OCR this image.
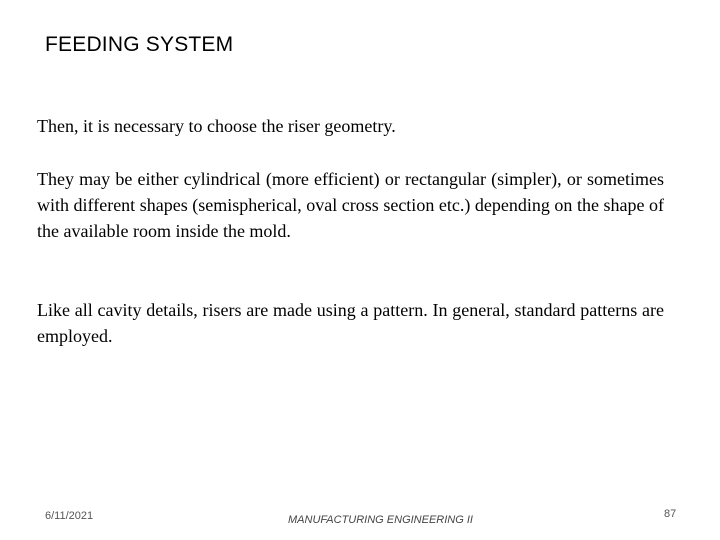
FEEDING SYSTEM

Then, it is necessary to choose the riser geometry.

They may be either cylindrical (more efficient) or rectangular (simpler), or sometimes with different shapes (semispherical, oval cross section etc.) depending on the shape of the available room inside the mold.

Like all cavity details, risers are made using a pattern. In general, standard patterns are employed.

6/11/2021	MANUFACTURING ENGINEERING II	87
